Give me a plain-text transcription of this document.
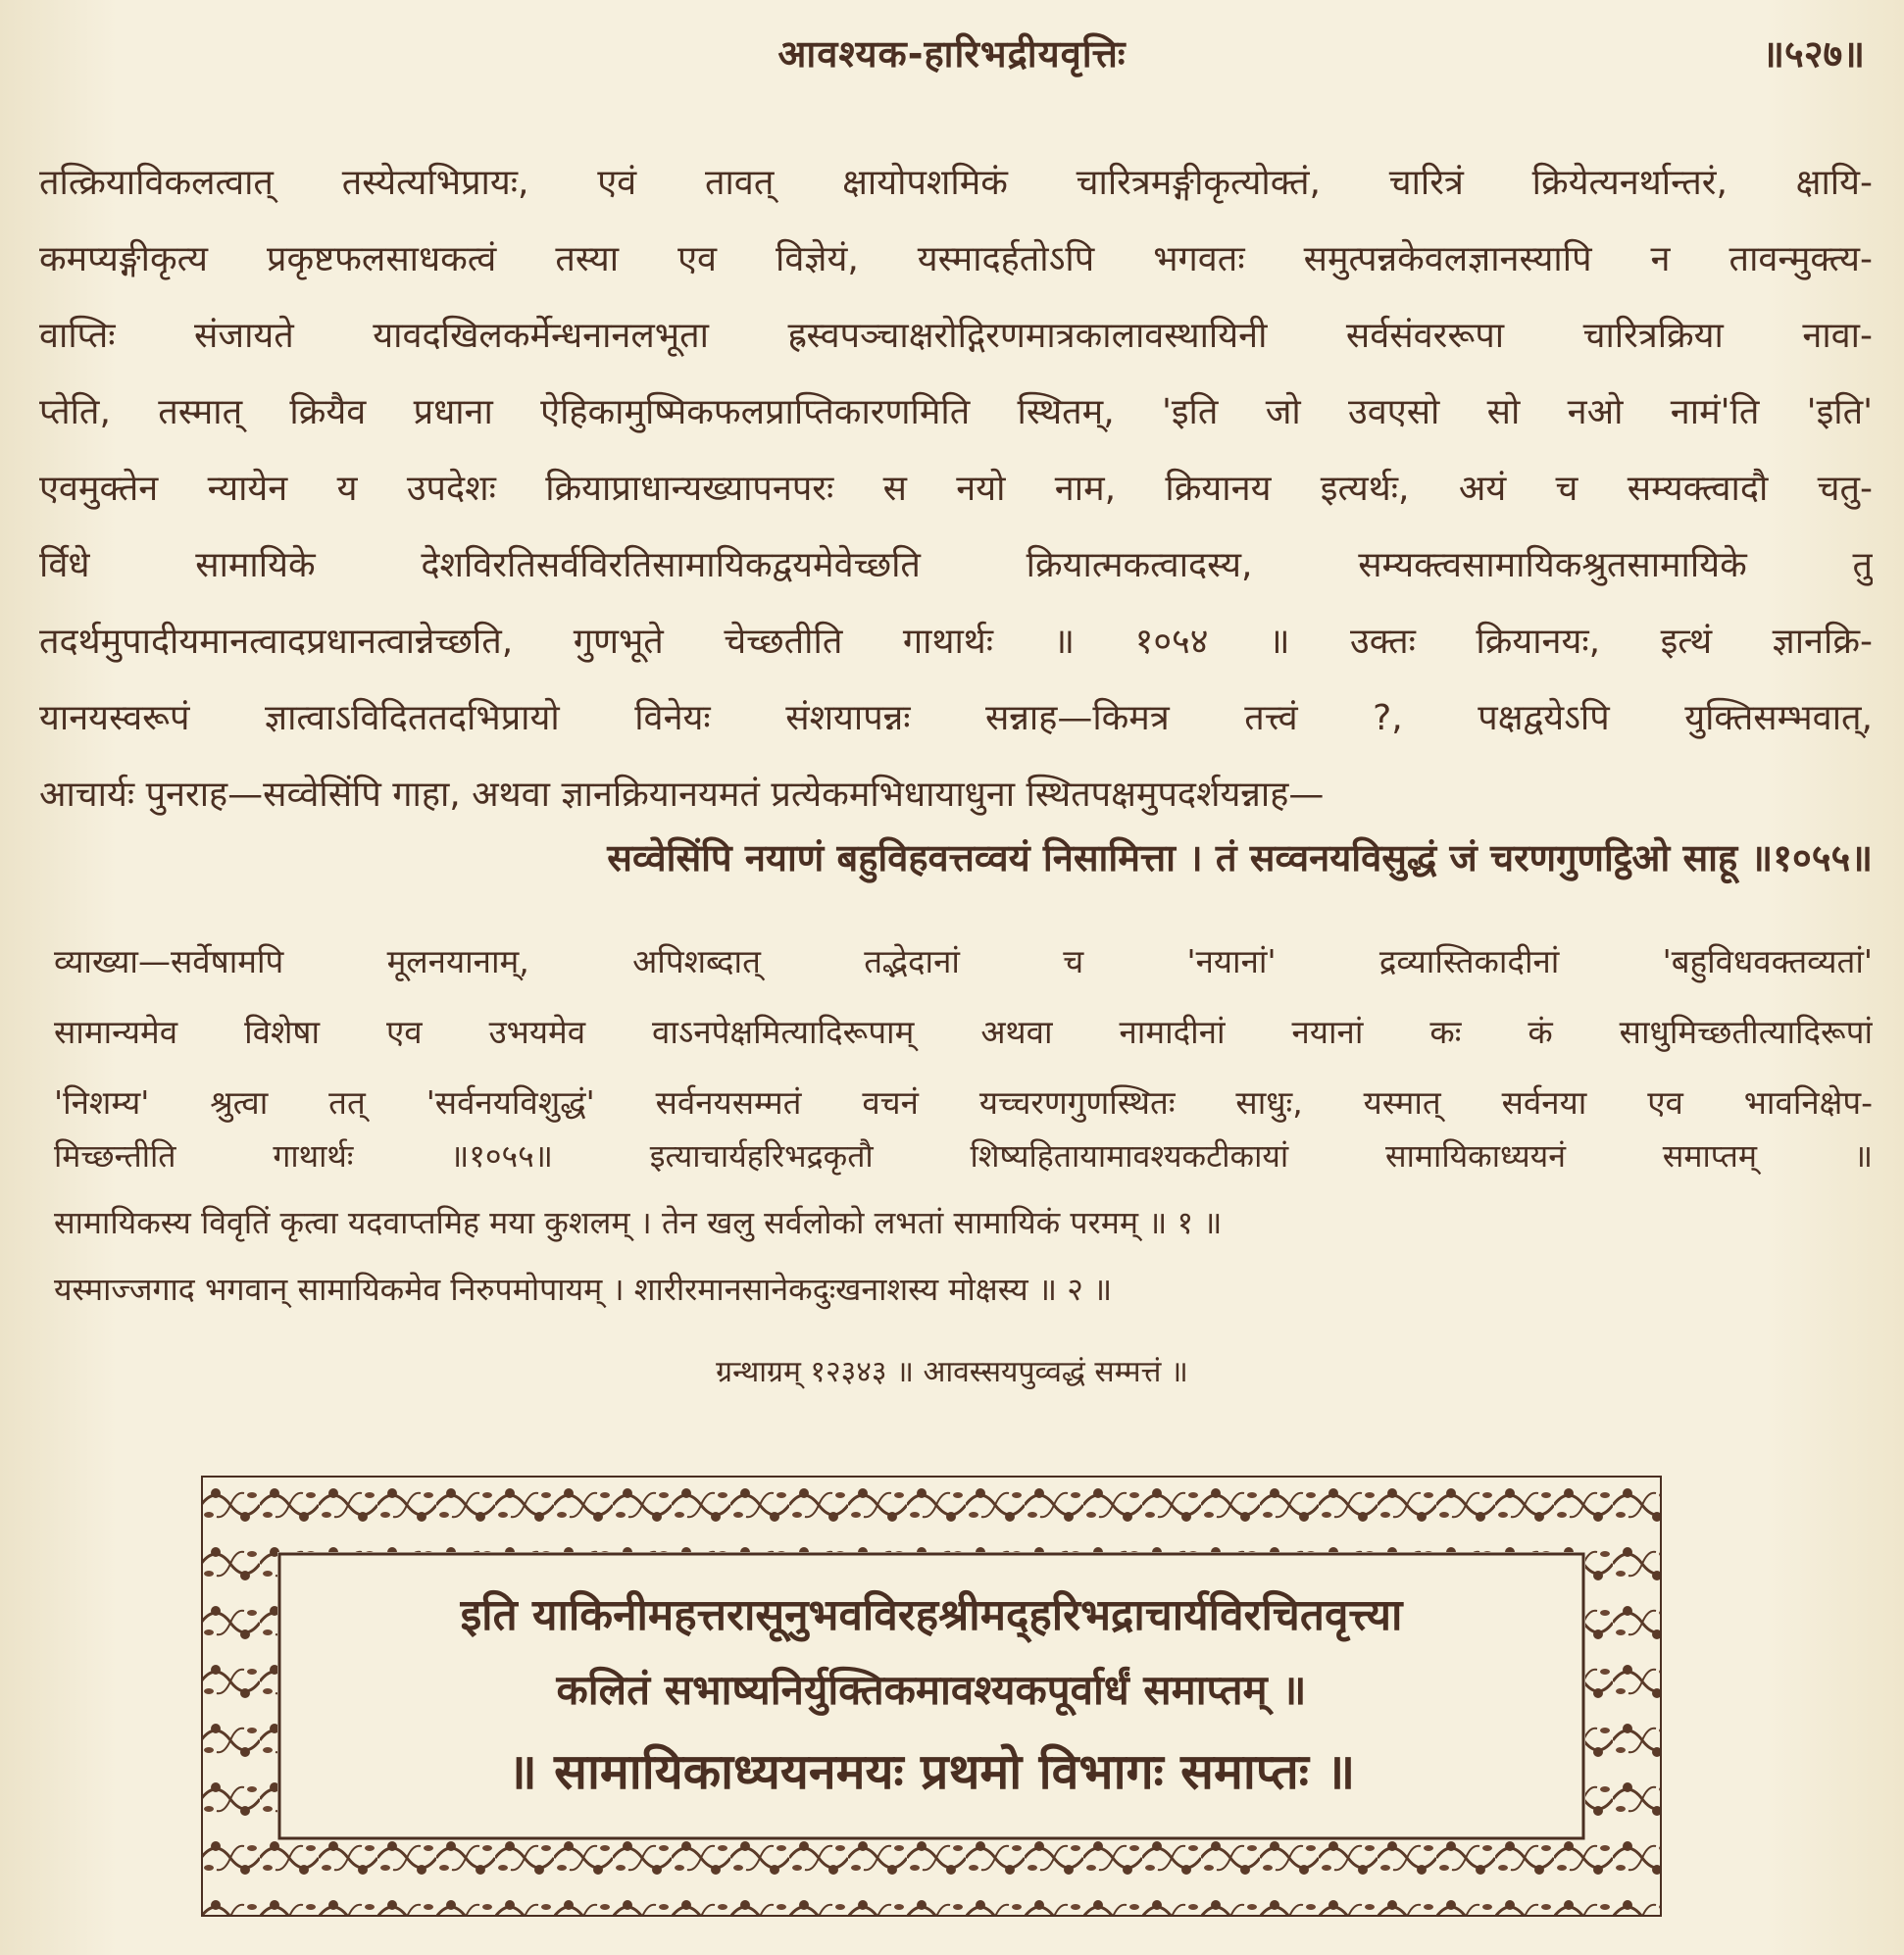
आवश्यक-हारिभद्रीयवृत्तिः	॥५२७॥
तत्क्रियाविकलत्वात् तस्येत्यभिप्रायः, एवं तावत् क्षायोपशमिकं चारित्रमङ्गीकृत्योक्तं, चारित्रं क्रियेत्यनर्थान्तरं, क्षायि-
कमप्यङ्गीकृत्य प्रकृष्टफलसाधकत्वं तस्या एव विज्ञेयं, यस्मादर्हतोऽपि भगवतः समुत्पन्नकेवलज्ञानस्यापि न तावन्मुक्त्य-
वाप्तिः संजायते यावदखिलकर्मेन्धनानलभूता ह्रस्वपञ्चाक्षरोद्गिरणमात्रकालावस्थायिनी सर्वसंवररूपा चारित्रक्रिया नावा-
प्तेति, तस्मात् क्रियैव प्रधाना ऐहिकामुष्मिकफलप्राप्तिकारणमिति स्थितम्, 'इति जो उवएसो सो नओ नामं'ति 'इति'
एवमुक्तेन न्यायेन य उपदेशः क्रियाप्राधान्यख्यापनपरः स नयो नाम, क्रियानय इत्यर्थः, अयं च सम्यक्त्वादौ चतु-
र्विधे सामायिके देशविरतिसर्वविरतिसामायिकद्वयमेवेच्छति क्रियात्मकत्वादस्य, सम्यक्त्वसामायिकश्रुतसामायिके तु
तदर्थमुपादीयमानत्वादप्रधानत्वान्नेच्छति, गुणभूते चेच्छतीति गाथार्थः ॥ १०५४ ॥ उक्तः क्रियानयः, इत्थं ज्ञानक्रि-
यानयस्वरूपं ज्ञात्वाऽविदिततदभिप्रायो विनेयः संशयापन्नः सन्नाह—किमत्र तत्त्वं ?, पक्षद्वयेऽपि युक्तिसम्भवात्,
आचार्यः पुनराह—सव्वेसिंपि गाहा, अथवा ज्ञानक्रियानयमतं प्रत्येकमभिधायाधुना स्थितपक्षमुपदर्शयन्नाह—
सव्वेसिंपि नयाणं बहुविहवत्तव्वयं निसामित्ता । तं सव्वनयविसुद्धं जं चरणगुणट्ठिओ साहू ॥१०५५॥
व्याख्या—सर्वेषामपि मूलनयानाम्, अपिशब्दात् तद्भेदानां च 'नयानां' द्रव्यास्तिकादीनां 'बहुविधवक्तव्यतां'
सामान्यमेव विशेषा एव उभयमेव वाऽनपेक्षमित्यादिरूपाम् अथवा नामादीनां नयानां कः कं साधुमिच्छतीत्यादिरूपां
'निशम्य' श्रुत्वा तत् 'सर्वनयविशुद्धं' सर्वनयसम्मतं वचनं यच्चरणगुणस्थितः साधुः, यस्मात् सर्वनया एव भावनिक्षेप-
मिच्छन्तीति गाथार्थः ॥१०५५॥ इत्याचार्यहरिभद्रकृतौ शिष्यहितायामावश्यकटीकायां सामायिकाध्ययनं समाप्तम् ॥
सामायिकस्य विवृतिं कृत्वा यदवाप्तमिह मया कुशलम् । तेन खलु सर्वलोको लभतां सामायिकं परमम् ॥ १ ॥
यस्माज्जगाद भगवान् सामायिकमेव निरुपमोपायम् । शारीरमानसानेकदुःखनाशस्य मोक्षस्य ॥ २ ॥
ग्रन्थाग्रम् १२३४३ ॥ आवस्सयपुव्वद्धं सम्मत्तं ॥
इति याकिनीमहत्तरासूनुभवविरहश्रीमद्हरिभद्राचार्यविरचितवृत्त्या
कलितं सभाष्यनिर्युक्तिकमावश्यकपूर्वार्धं समाप्तम् ॥
॥ सामायिकाध्ययनमयः प्रथमो विभागः समाप्तः ॥
